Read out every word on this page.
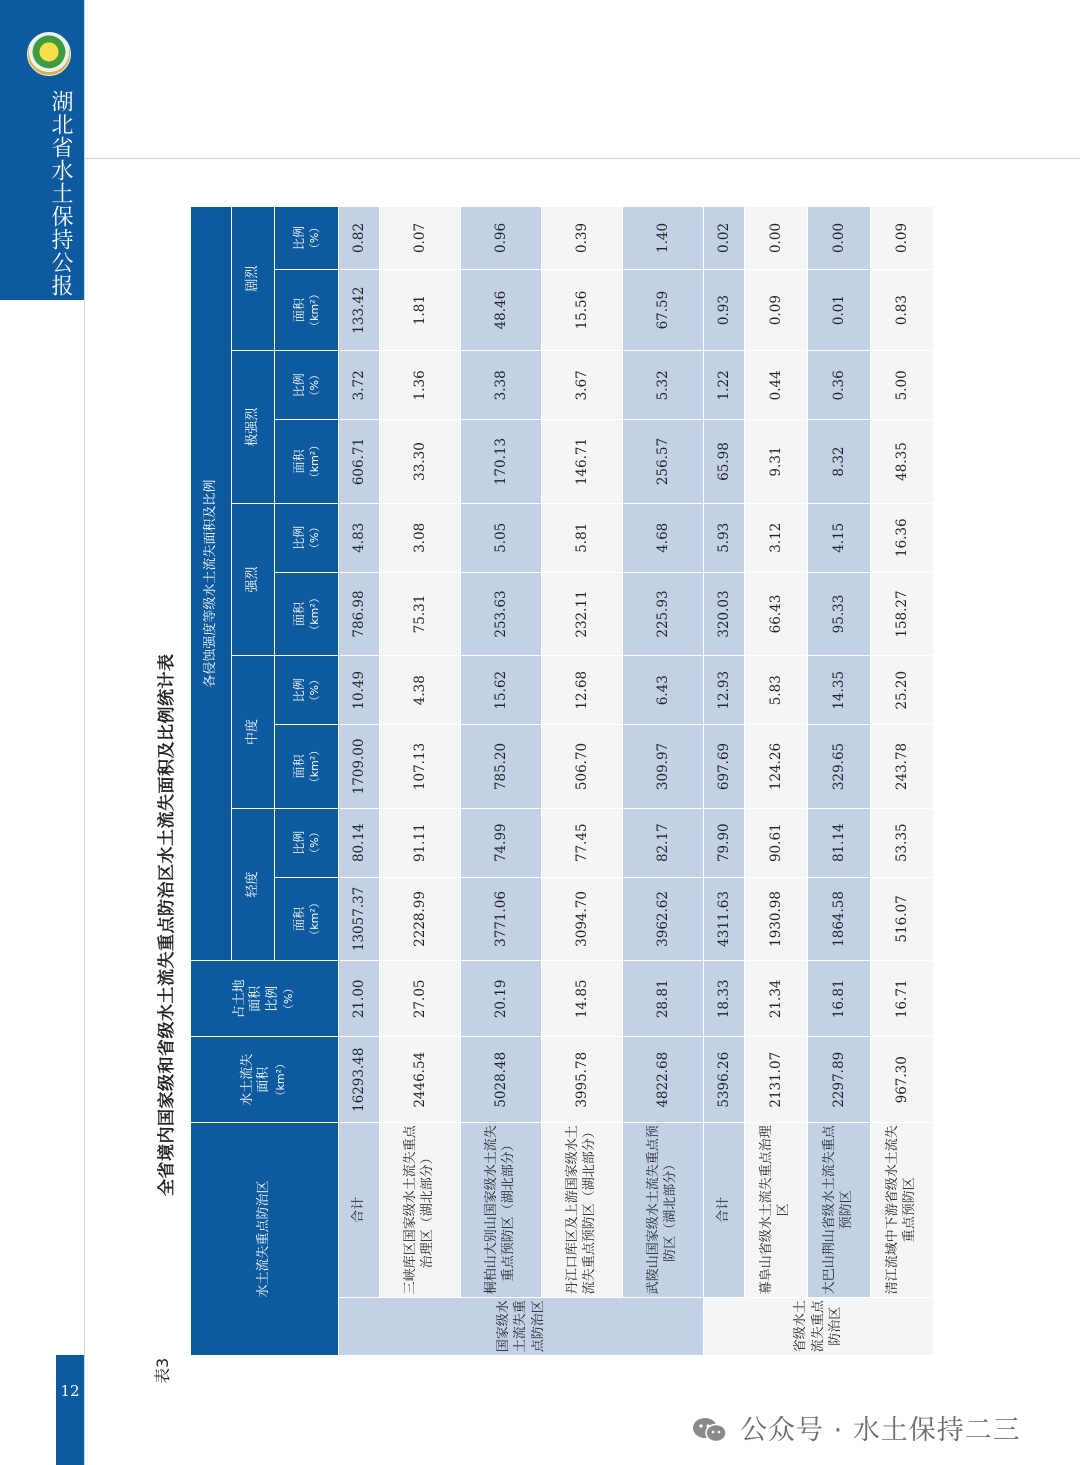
湖北省水土保持公报
12
表3
全省境内国家级和省级水土流失重点防治区水土流失面积及比例统计表
水土流失重点防治区		水土流失
面积 （km²）	占土地
面积
比例 （%）	各侵蚀强度等级水土流失面积及比例									
				轻度		中度		强烈		极强烈		剧烈	
				面积 （km²）	比例 （%）	面积 （km²）	比例 （%）	面积 （km²）	比例 （%）	面积 （km²）	比例 （%）	面积 （km²）	比例 （%）
国家级水土流失重点防治区	合计	16293.48	21.00	13057.37	80.14	1709.00	10.49	786.98	4.83	606.71	3.72	133.42	0.82
	三峡库区国家级水土流失重点治理区（湖北部分）	2446.54	27.05	2228.99	91.11	107.13	4.38	75.31	3.08	33.30	1.36	1.81	0.07
	桐柏山大别山国家级水土流失重点预防区（湖北部分）	5028.48	20.19	3771.06	74.99	785.20	15.62	253.63	5.05	170.13	3.38	48.46	0.96
	丹江口库区及上游国家级水土流失重点预防区（湖北部分）	3995.78	14.85	3094.70	77.45	506.70	12.68	232.11	5.81	146.71	3.67	15.56	0.39
	武陵山国家级水土流失重点预防区（湖北部分）	4822.68	28.81	3962.62	82.17	309.97	6.43	225.93	4.68	256.57	5.32	67.59	1.40
省级水土流失重点防治区	合计	5396.26	18.33	4311.63	79.90	697.69	12.93	320.03	5.93	65.98	1.22	0.93	0.02
	幕阜山省级水土流失重点治理区	2131.07	21.34	1930.98	90.61	124.26	5.83	66.43	3.12	9.31	0.44	0.09	0.00
	大巴山荆山省级水土流失重点预防区	2297.89	16.81	1864.58	81.14	329.65	14.35	95.33	4.15	8.32	0.36	0.01	0.00
	清江流域中下游省级水土流失重点预防区	967.30	16.71	516.07	53.35	243.78	25.20	158.27	16.36	48.35	5.00	0.83	0.09
公众号 · 水土保持二三
